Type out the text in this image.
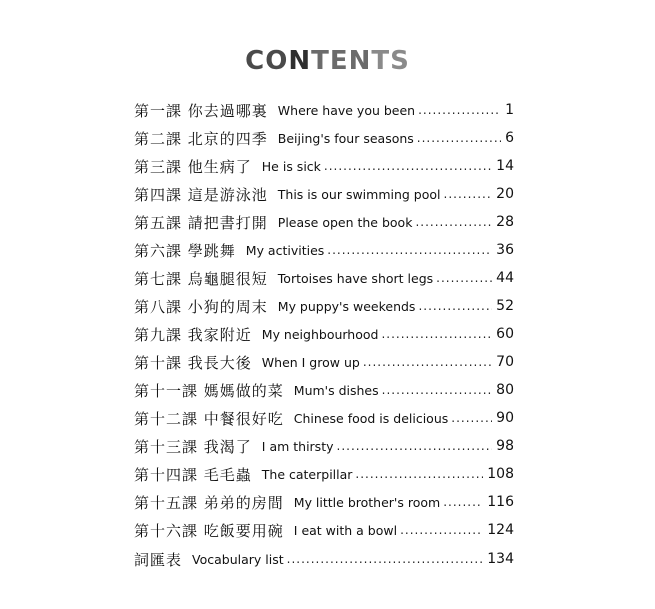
CONTENTS
第一課 你去過哪裏 Where have you been .....	1
第二課 北京的四季 Beijing's four seasons .....	6
第三課 他生病了 He is sick .....	14
第四課 這是游泳池 This is our swimming pool .....	20
第五課 請把書打開 Please open the book .....	28
第六課 學跳舞 My activities .....	36
第七課 烏龜腿很短 Tortoises have short legs .....	44
第八課 小狗的周末 My puppy's weekends .....	52
第九課 我家附近 My neighbourhood .....	60
第十課 我長大後 When I grow up .....	70
第十一課 媽媽做的菜 Mum's dishes .....	80
第十二課 中餐很好吃 Chinese food is delicious .....	90
第十三課 我渴了 I am thirsty .....	98
第十四課 毛毛蟲 The caterpillar .....	108
第十五課 弟弟的房間 My little brother's room .....	116
第十六課 吃飯要用碗 I eat with a bowl .....	124
詞匯表 Vocabulary list .....	134
